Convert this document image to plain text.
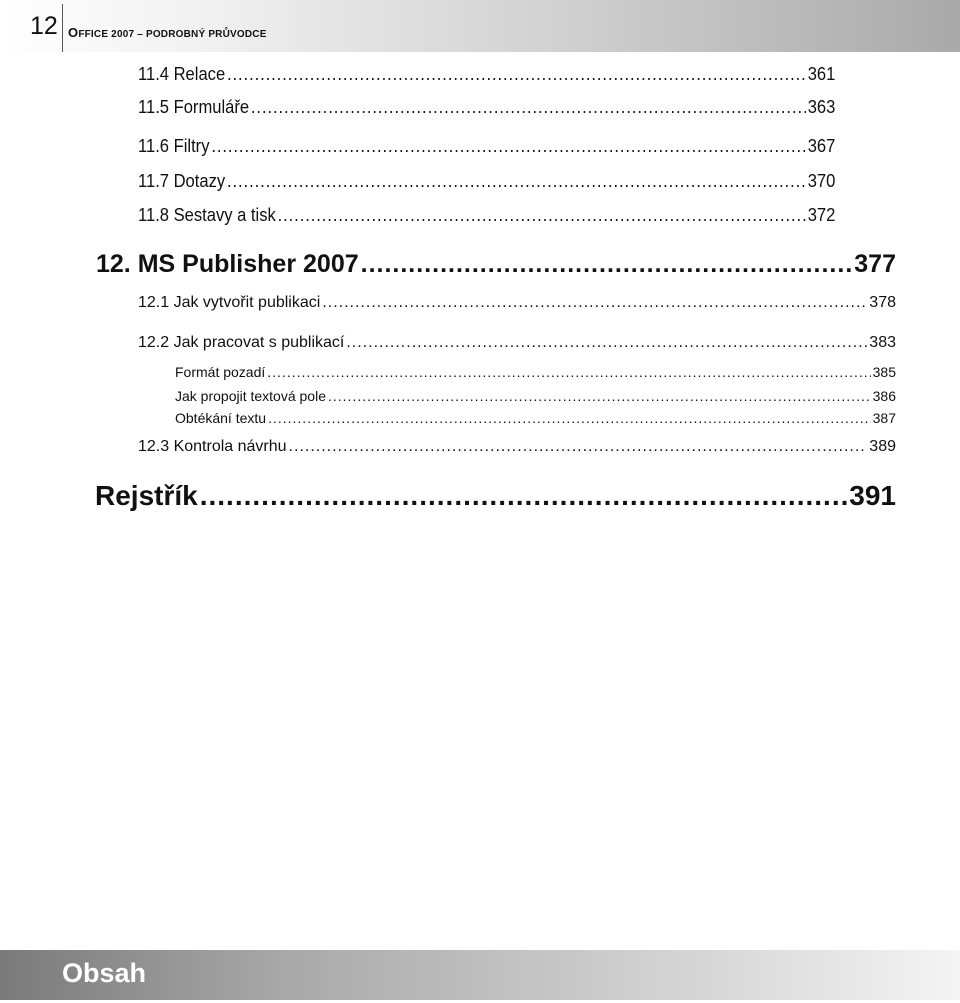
12 OFFICE 2007 – PODROBNÝ PRŮVODCE
11.4 Relace .....	361
11.5 Formuláře .....	363
11.6 Filtry .....	367
11.7 Dotazy .....	370
11.8 Sestavy a tisk .....	372
12. MS Publisher 2007 .....	377
12.1 Jak vytvořit publikaci .....	378
12.2 Jak pracovat s publikací .....	383
Formát pozadí .....	385
Jak propojit textová pole .....	386
Obtékání textu .....	387
12.3 Kontrola návrhu .....	389
Rejstřík .....	391
Obsah
